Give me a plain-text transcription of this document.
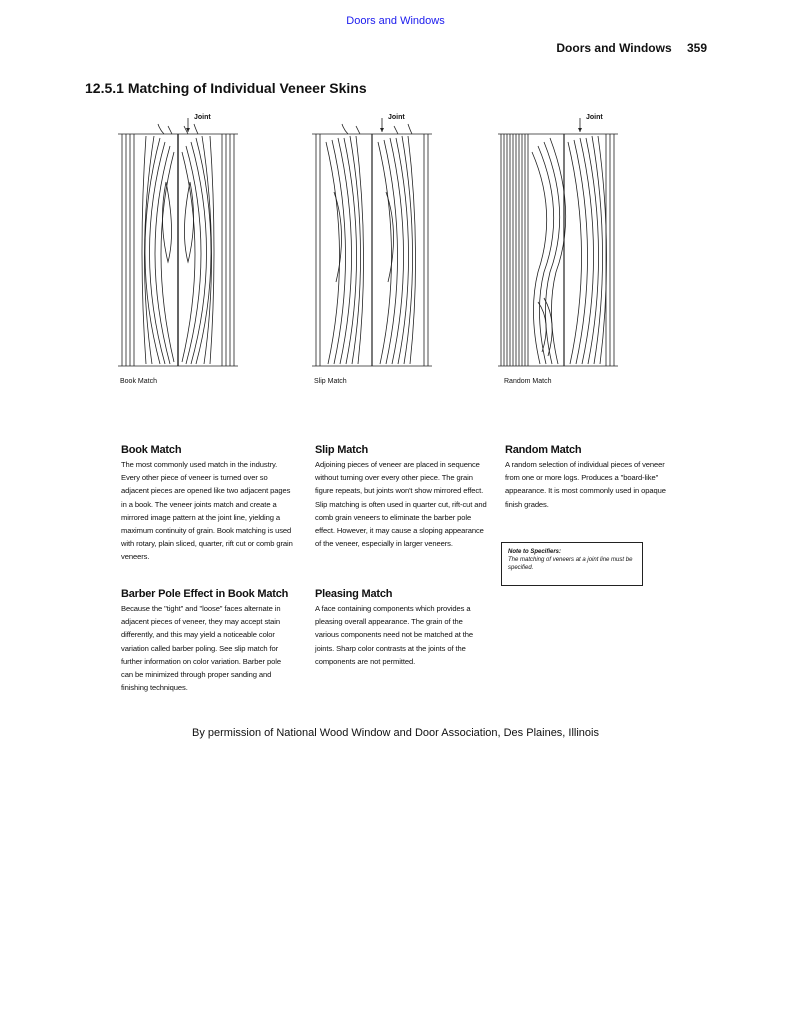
Doors and Windows
Doors and Windows 359
12.5.1 Matching of Individual Veneer Skins
Joint
Book Match
Joint
Slip Match
Joint
Random Match
Book Match

The most commonly used match in the industry. Every other piece of veneer is turned over so adjacent pieces are opened like two adjacent pages in a book. The veneer joints match and create a mirrored image pattern at the joint line, yielding a maximum continuity of grain. Book matching is used with rotary, plain sliced, quarter, rift cut or comb grain veneers.

Barber Pole Effect in Book Match

Because the "tight" and "loose" faces alternate in adjacent pieces of veneer, they may accept stain differently, and this may yield a noticeable color variation called barber poling. See slip match for further information on color variation. Barber pole can be minimized through proper sanding and finishing techniques.

Slip Match

Adjoining pieces of veneer are placed in sequence without turning over every other piece. The grain figure repeats, but joints won't show mirrored effect. Slip matching is often used in quarter cut, rift-cut and comb grain veneers to eliminate the barber pole effect. However, it may cause a sloping appearance of the veneer, especially in larger veneers.

Pleasing Match

A face containing components which provides a pleasing overall appearance. The grain of the various components need not be matched at the joints. Sharp color contrasts at the joints of the components are not permitted.

Random Match

A random selection of individual pieces of veneer from one or more logs. Produces a "board-like" appearance. It is most commonly used in opaque finish grades.

Note to Specifiers:
The matching of veneers at a joint line must be specified.
By permission of National Wood Window and Door Association, Des Plaines, Illinois
